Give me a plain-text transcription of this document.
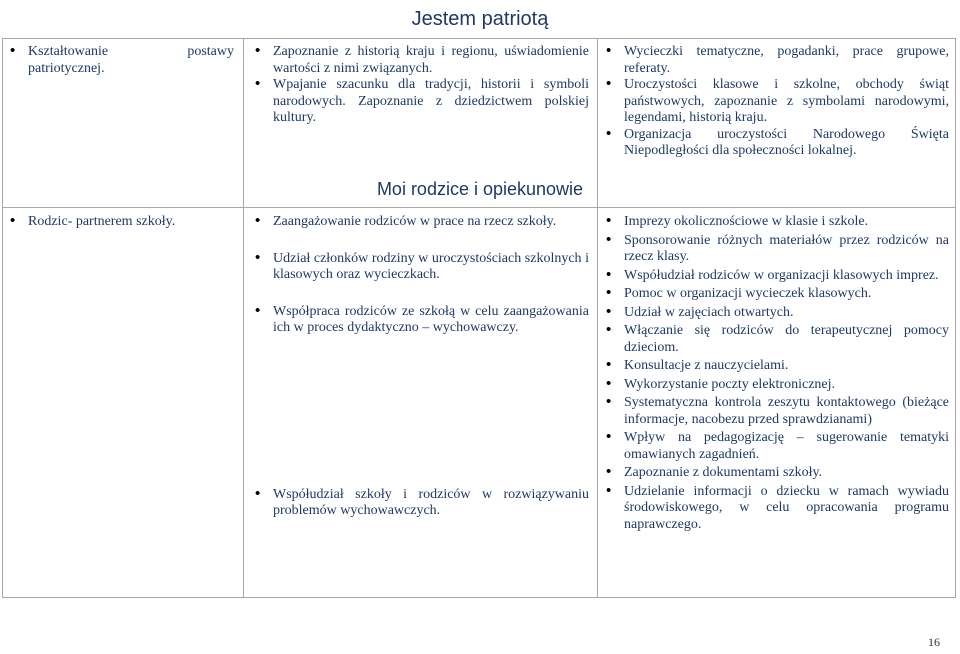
Jestem patriotą
• Kształtowanie postawy patriotycznej.
• Zapoznanie z historią kraju i regionu, uświadomienie wartości z nimi związanych.
• Wpajanie szacunku dla tradycji, historii i symboli narodowych. Zapoznanie z dziedzictwem polskiej kultury.
• Wycieczki tematyczne, pogadanki, prace grupowe, referaty.
• Uroczystości klasowe i szkolne, obchody świąt państwowych, zapoznanie z symbolami narodowymi, legendami, historią kraju.
• Organizacja uroczystości Narodowego Święta Niepodległości dla społeczności lokalnej.
Moi rodzice i opiekunowie
• Rodzic- partnerem szkoły.
•	Zaangażowanie rodziców w prace na rzecz szkoły.
• Udział członków rodziny w uroczystościach szkolnych i klasowych oraz wycieczkach.
• Współpraca rodziców ze szkołą w celu zaangażowania ich w proces dydaktyczno – wychowawczy.
• Współudział szkoły i rodziców w rozwiązywaniu problemów wychowawczych.
• Imprezy okolicznościowe w klasie i szkole.
• Sponsorowanie różnych materiałów przez rodziców na rzecz klasy.
• Współudział rodziców w organizacji klasowych imprez.
• Pomoc w organizacji wycieczek klasowych.
• Udział w zajęciach otwartych.
• Włączanie się rodziców do terapeutycznej pomocy dzieciom.
• Konsultacje z nauczycielami.
• Wykorzystanie poczty elektronicznej.
• Systematyczna kontrola zeszytu kontaktowego (bieżące informacje, nacobezu przed sprawdzianami)
• Wpływ na pedagogizację – sugerowanie tematyki omawianych zagadnień.
• Zapoznanie z dokumentami szkoły.
• Udzielanie informacji o dziecku w ramach wywiadu środowiskowego, w celu opracowania programu naprawczego.
16
